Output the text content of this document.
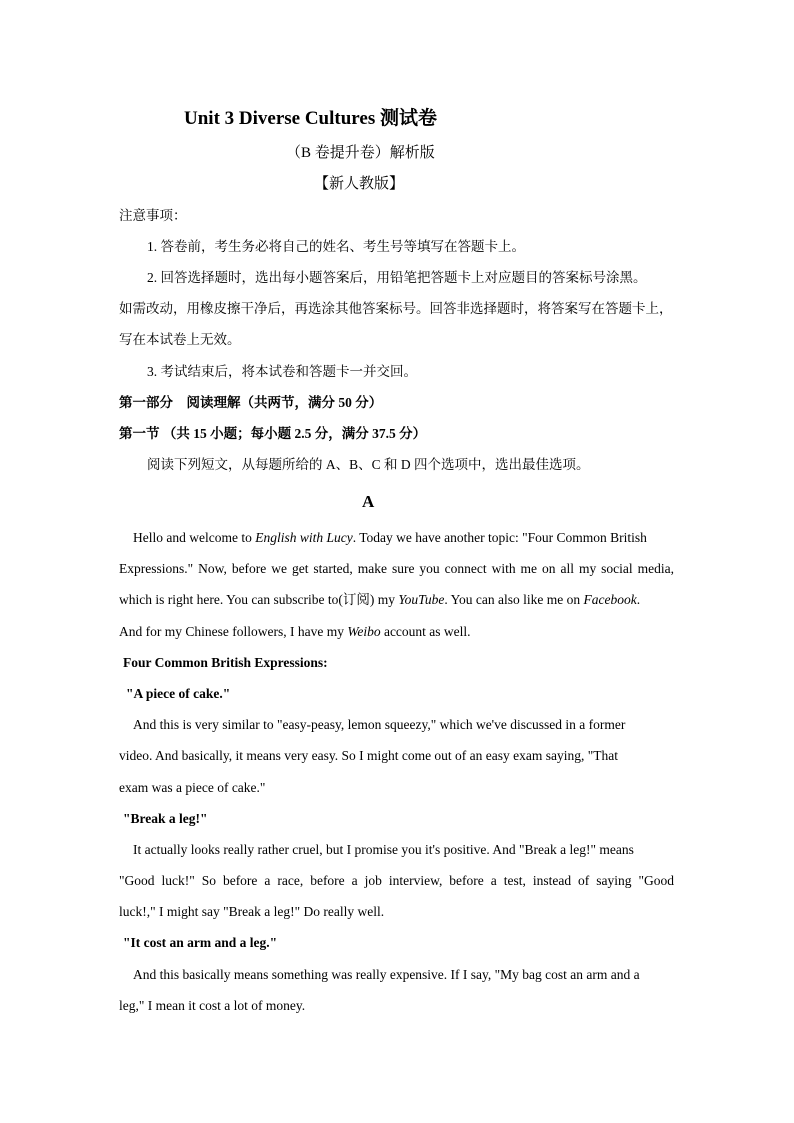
Unit 3 Diverse Cultures 测试卷
（B 卷提升卷）解析版
【新人教版】
注意事项：
1. 答卷前，考生务必将自己的姓名、考生号等填写在答题卡上。
2. 回答选择题时，选出每小题答案后，用铅笔把答题卡上对应题目的答案标号涂黑。
如需改动，用橡皮擦干净后，再选涂其他答案标号。回答非选择题时，将答案写在答题卡上，
写在本试卷上无效。
3. 考试结束后，将本试卷和答题卡一并交回。
第一部分　阅读理解（共两节，满分 50 分）
第一节 （共 15 小题；每小题 2.5 分，满分 37.5 分）
阅读下列短文，从每题所给的 A、B、C 和 D 四个选项中，选出最佳选项。
A
Hello and welcome to English with Lucy. Today we have another topic: "Four Common British
Expressions." Now, before we get started, make sure you connect with me on all my social media,
which is right here. You can subscribe to(订阅) my YouTube. You can also like me on Facebook.
And for my Chinese followers, I have my Weibo account as well.
Four Common British Expressions:
"A piece of cake."
And this is very similar to "easy-peasy, lemon squeezy," which we've discussed in a former
video. And basically, it means very easy. So I might come out of an easy exam saying, "That
exam was a piece of cake."
"Break a leg!"
It actually looks really rather cruel, but I promise you it's positive. And "Break a leg!" means
"Good luck!" So before a race, before a job interview, before a test, instead of saying "Good
luck!," I might say "Break a leg!" Do really well.
"It cost an arm and a leg."
And this basically means something was really expensive. If I say, "My bag cost an arm and a
leg," I mean it cost a lot of money.
